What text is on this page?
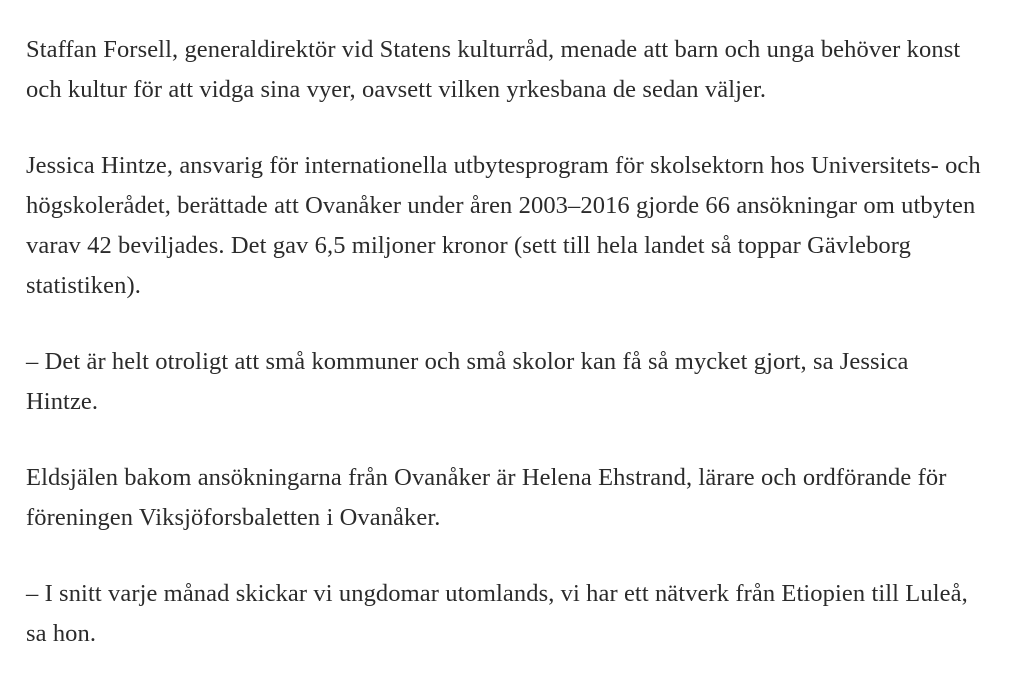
Staffan Forsell, generaldirektör vid Statens kulturråd, menade att barn och unga behöver konst och kultur för att vidga sina vyer, oavsett vilken yrkesbana de sedan väljer.

Jessica Hintze, ansvarig för internationella utbytesprogram för skolsektorn hos Universitets- och högskolerådet, berättade att Ovanåker under åren 2003–2016 gjorde 66 ansökningar om utbyten varav 42 beviljades. Det gav 6,5 miljoner kronor (sett till hela landet så toppar Gävleborg statistiken).

– Det är helt otroligt att små kommuner och små skolor kan få så mycket gjort, sa Jessica Hintze.

Eldsjälen bakom ansökningarna från Ovanåker är Helena Ehstrand, lärare och ordförande för föreningen Viksjöforsbaletten i Ovanåker.

– I snitt varje månad skickar vi ungdomar utomlands, vi har ett nätverk från Etiopien till Luleå, sa hon.
